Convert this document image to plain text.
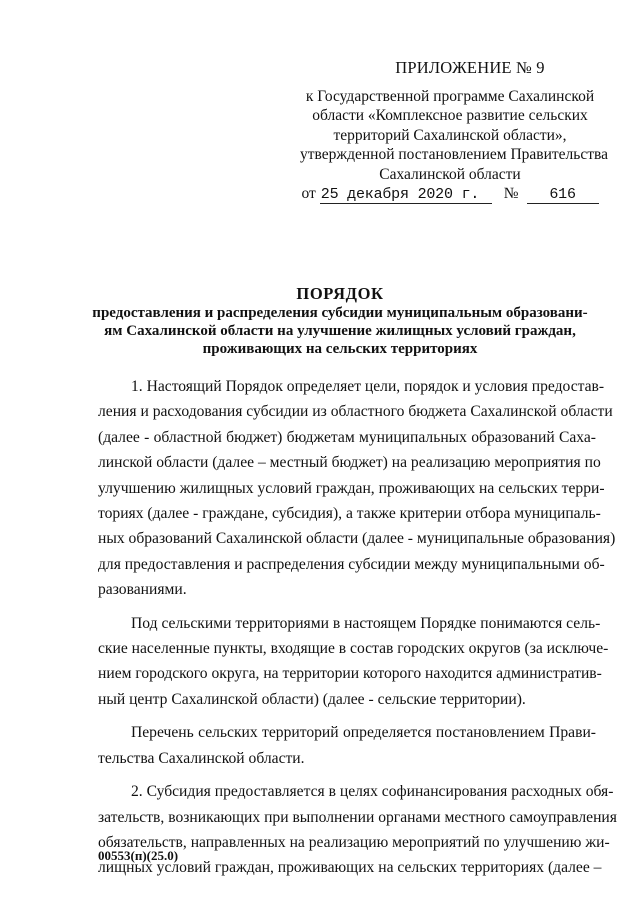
ПРИЛОЖЕНИЕ № 9
к Государственной программе Сахалинской
области «Комплексное развитие сельских
территорий Сахалинской области»,
утвержденной постановлением Правительства
Сахалинской области
от 25 декабря 2020 г.	№	616
ПОРЯДОК
предоставления и распределения субсидии муниципальным образовани-
ям Сахалинской области на улучшение жилищных условий граждан,
проживающих на сельских территориях

1. Настоящий Порядок определяет цели, порядок и условия предостав-
ления и расходования субсидии из областного бюджета Сахалинской области
(далее - областной бюджет) бюджетам муниципальных образований Саха-
линской области (далее – местный бюджет) на реализацию мероприятия по
улучшению жилищных условий граждан, проживающих на сельских терри-
ториях (далее - граждане, субсидия), а также критерии отбора муниципаль-
ных образований Сахалинской области (далее - муниципальные образования)
для предоставления и распределения субсидии между муниципальными об-
разованиями.

Под сельскими территориями в настоящем Порядке понимаются сель-
ские населенные пункты, входящие в состав городских округов (за исключе-
нием городского округа, на территории которого находится административ-
ный центр Сахалинской области) (далее - сельские территории).

Перечень сельских территорий определяется постановлением Прави-
тельства Сахалинской области.

2. Субсидия предоставляется в целях софинансирования расходных обя-
зательств, возникающих при выполнении органами местного самоуправления
обязательств, направленных на реализацию мероприятий по улучшению жи-
лищных условий граждан, проживающих на сельских территориях (далее –

00553(п)(25.0)
